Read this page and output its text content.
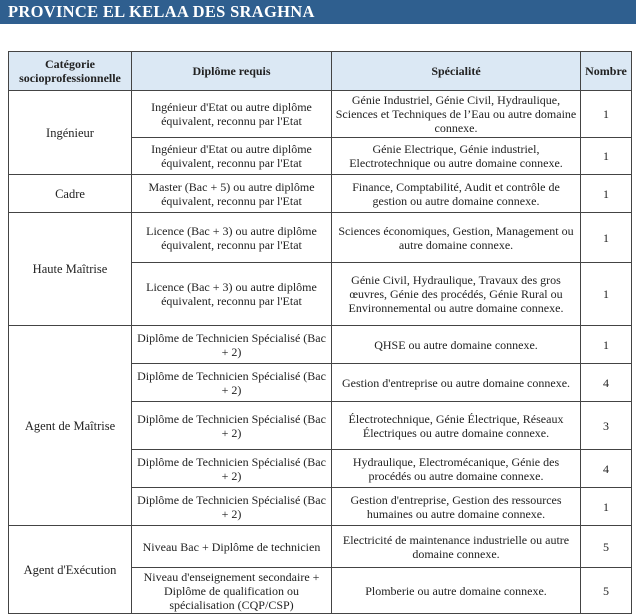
PROVINCE EL KELAA DES SRAGHNA
Catégorie socioprofessionnelle	Diplôme requis	Spécialité	Nombre
Ingénieur	Ingénieur d'Etat ou autre diplôme équivalent, reconnu par l'Etat	Génie Industriel, Génie Civil, Hydraulique, Sciences et Techniques de l’Eau ou autre domaine connexe.	1
	Ingénieur d'Etat ou autre diplôme équivalent, reconnu par l'Etat	Génie Electrique, Génie industriel, Electrotechnique ou autre domaine connexe.	1
Cadre	Master (Bac + 5) ou autre diplôme équivalent, reconnu par l'Etat	Finance, Comptabilité, Audit et contrôle de gestion ou autre domaine connexe.	1
Haute Maîtrise	Licence (Bac + 3) ou autre diplôme équivalent, reconnu par l'Etat	Sciences économiques, Gestion, Management ou autre domaine connexe.	1
	Licence (Bac + 3) ou autre diplôme équivalent, reconnu par l'Etat	Génie Civil, Hydraulique, Travaux des gros œuvres, Génie des procédés, Génie Rural ou Environnemental ou autre domaine connexe.	1
Agent de Maîtrise	Diplôme de Technicien Spécialisé (Bac + 2)	QHSE ou autre domaine connexe.	1
	Diplôme de Technicien Spécialisé (Bac + 2)	Gestion d'entreprise ou autre domaine connexe.	4
	Diplôme de Technicien Spécialisé (Bac + 2)	Électrotechnique, Génie Électrique, Réseaux Électriques ou autre domaine connexe.	3
	Diplôme de Technicien Spécialisé (Bac + 2)	Hydraulique, Electromécanique, Génie des procédés ou autre domaine connexe.	4
	Diplôme de Technicien Spécialisé (Bac + 2)	Gestion d'entreprise, Gestion des ressources humaines ou autre domaine connexe.	1
Agent d'Exécution	Niveau Bac + Diplôme de technicien	Electricité de maintenance industrielle ou autre domaine connexe.	5
	Niveau d'enseignement secondaire + Diplôme de qualification ou spécialisation (CQP/CSP)	Plomberie ou autre domaine connexe.	5
